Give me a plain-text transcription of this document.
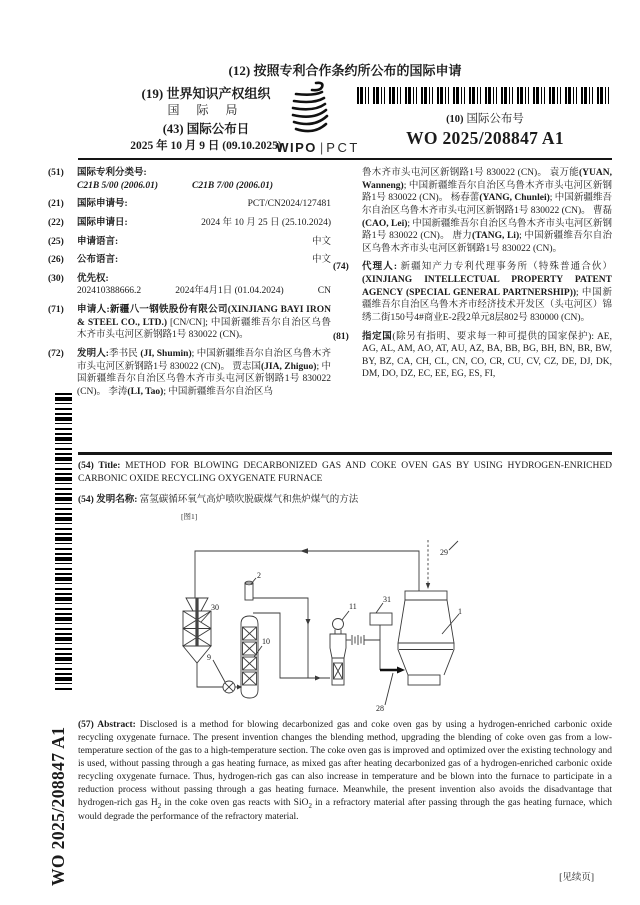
(12) 按照专利合作条约所公布的国际申请
(19) 世界知识产权组织
国 际 局
(43) 国际公布日
2025 年 10 月 9 日 (09.10.2025)
WIPO | PCT
(10) 国际公布号
WO 2025/208847 A1
(51) 国际专利分类号:
C21B 5/00 (2006.01)	C21B 7/00 (2006.01)
(21) 国际申请号:	PCT/CN2024/127481
(22) 国际申请日:	2024 年 10 月 25 日 (25.10.2024)
(25) 申请语言:	中文
(26) 公布语言:	中文
(30) 优先权:
202410388666.2	2024年4月1日 (01.04.2024)	CN
(71) 申请人:新疆八一钢铁股份有限公司(XINJIANG BAYI IRON & STEEL CO., LTD.) [CN/CN]; 中国新疆维吾尔自治区乌鲁木齐市头屯河区新钢路1号 830022 (CN)。
(72) 发明人:季书民 (JI, Shumin); 中国新疆维吾尔自治区乌鲁木齐市头屯河区新钢路1号 830022 (CN)。 贾志国(JIA, Zhiguo); 中国新疆维吾尔自治区乌鲁木齐市头屯河区新钢路1号 830022 (CN)。 李涛(LI, Tao); 中国新疆维吾尔自治区乌
鲁木齐市头屯河区新钢路1号 830022 (CN)。 袁万能(YUAN, Wanneng); 中国新疆维吾尔自治区乌鲁木齐市头屯河区新钢路1号 830022 (CN)。 杨春蕾(YANG, Chunlei); 中国新疆维吾尔自治区乌鲁木齐市头屯河区新钢路1号 830022 (CN)。 曹磊(CAO, Lei); 中国新疆维吾尔自治区乌鲁木齐市头屯河区新钢路1号 830022 (CN)。 唐力(TANG, Li); 中国新疆维吾尔自治区乌鲁木齐市头屯河区新钢路1号 830022 (CN)。
(74) 代理人: 新疆知产力专利代理事务所（特殊普通合伙）(XINJIANG INTELLECTUAL PROPERTY PATENT AGENCY (SPECIAL GENERAL PARTNERSHIP)); 中国新疆维吾尔自治区乌鲁木齐市经济技术开发区（头屯河区）锦绣二街150号4#商业E-2段2单元8层802号 830000 (CN)。
(81) 指定国(除另有指明、要求每一种可提供的国家保护): AE, AG, AL, AM, AO, AT, AU, AZ, BA, BB, BG, BH, BN, BR, BW, BY, BZ, CA, CH, CL, CN, CO, CR, CU, CV, CZ, DE, DJ, DK, DM, DO, DZ, EC, EE, EG, ES, FI,
(54) Title: METHOD FOR BLOWING DECARBONIZED GAS AND COKE OVEN GAS BY USING HYDROGEN-ENRICHED CARBONIC OXIDE RECYCLING OXYGENATE FURNACE
(54) 发明名称: 富氢碳循环氧气高炉喷吹脱碳煤气和焦炉煤气的方法
[图1]
1
2
9
10
11
28
29
30
31
(57) Abstract: Disclosed is a method for blowing decarbonized gas and coke oven gas by using a hydrogen-enriched carbonic oxide recycling oxygenate furnace. The present invention changes the blending method, upgrading the blending of coke oven gas from a low-temperature section of the gas to a high-temperature section. The coke oven gas is improved and optimized over the existing technology and is used, without passing through a gas heating furnace, as mixed gas after heating decarbonized gas of a hydrogen-enriched carbonic oxide recycling oxygenate furnace. Thus, hydrogen-rich gas can also increase in temperature and be blown into the furnace to participate in a reduction process without passing through a gas heating furnace. Meanwhile, the present invention also avoids the disadvantage that hydrogen-rich gas $H_2$ in the coke oven gas reacts with SiO$_2$ in a refractory material after passing through the gas heating furnace, which would degrade the performance of the refractory material.
[见续页]
WO 2025/208847 A1
